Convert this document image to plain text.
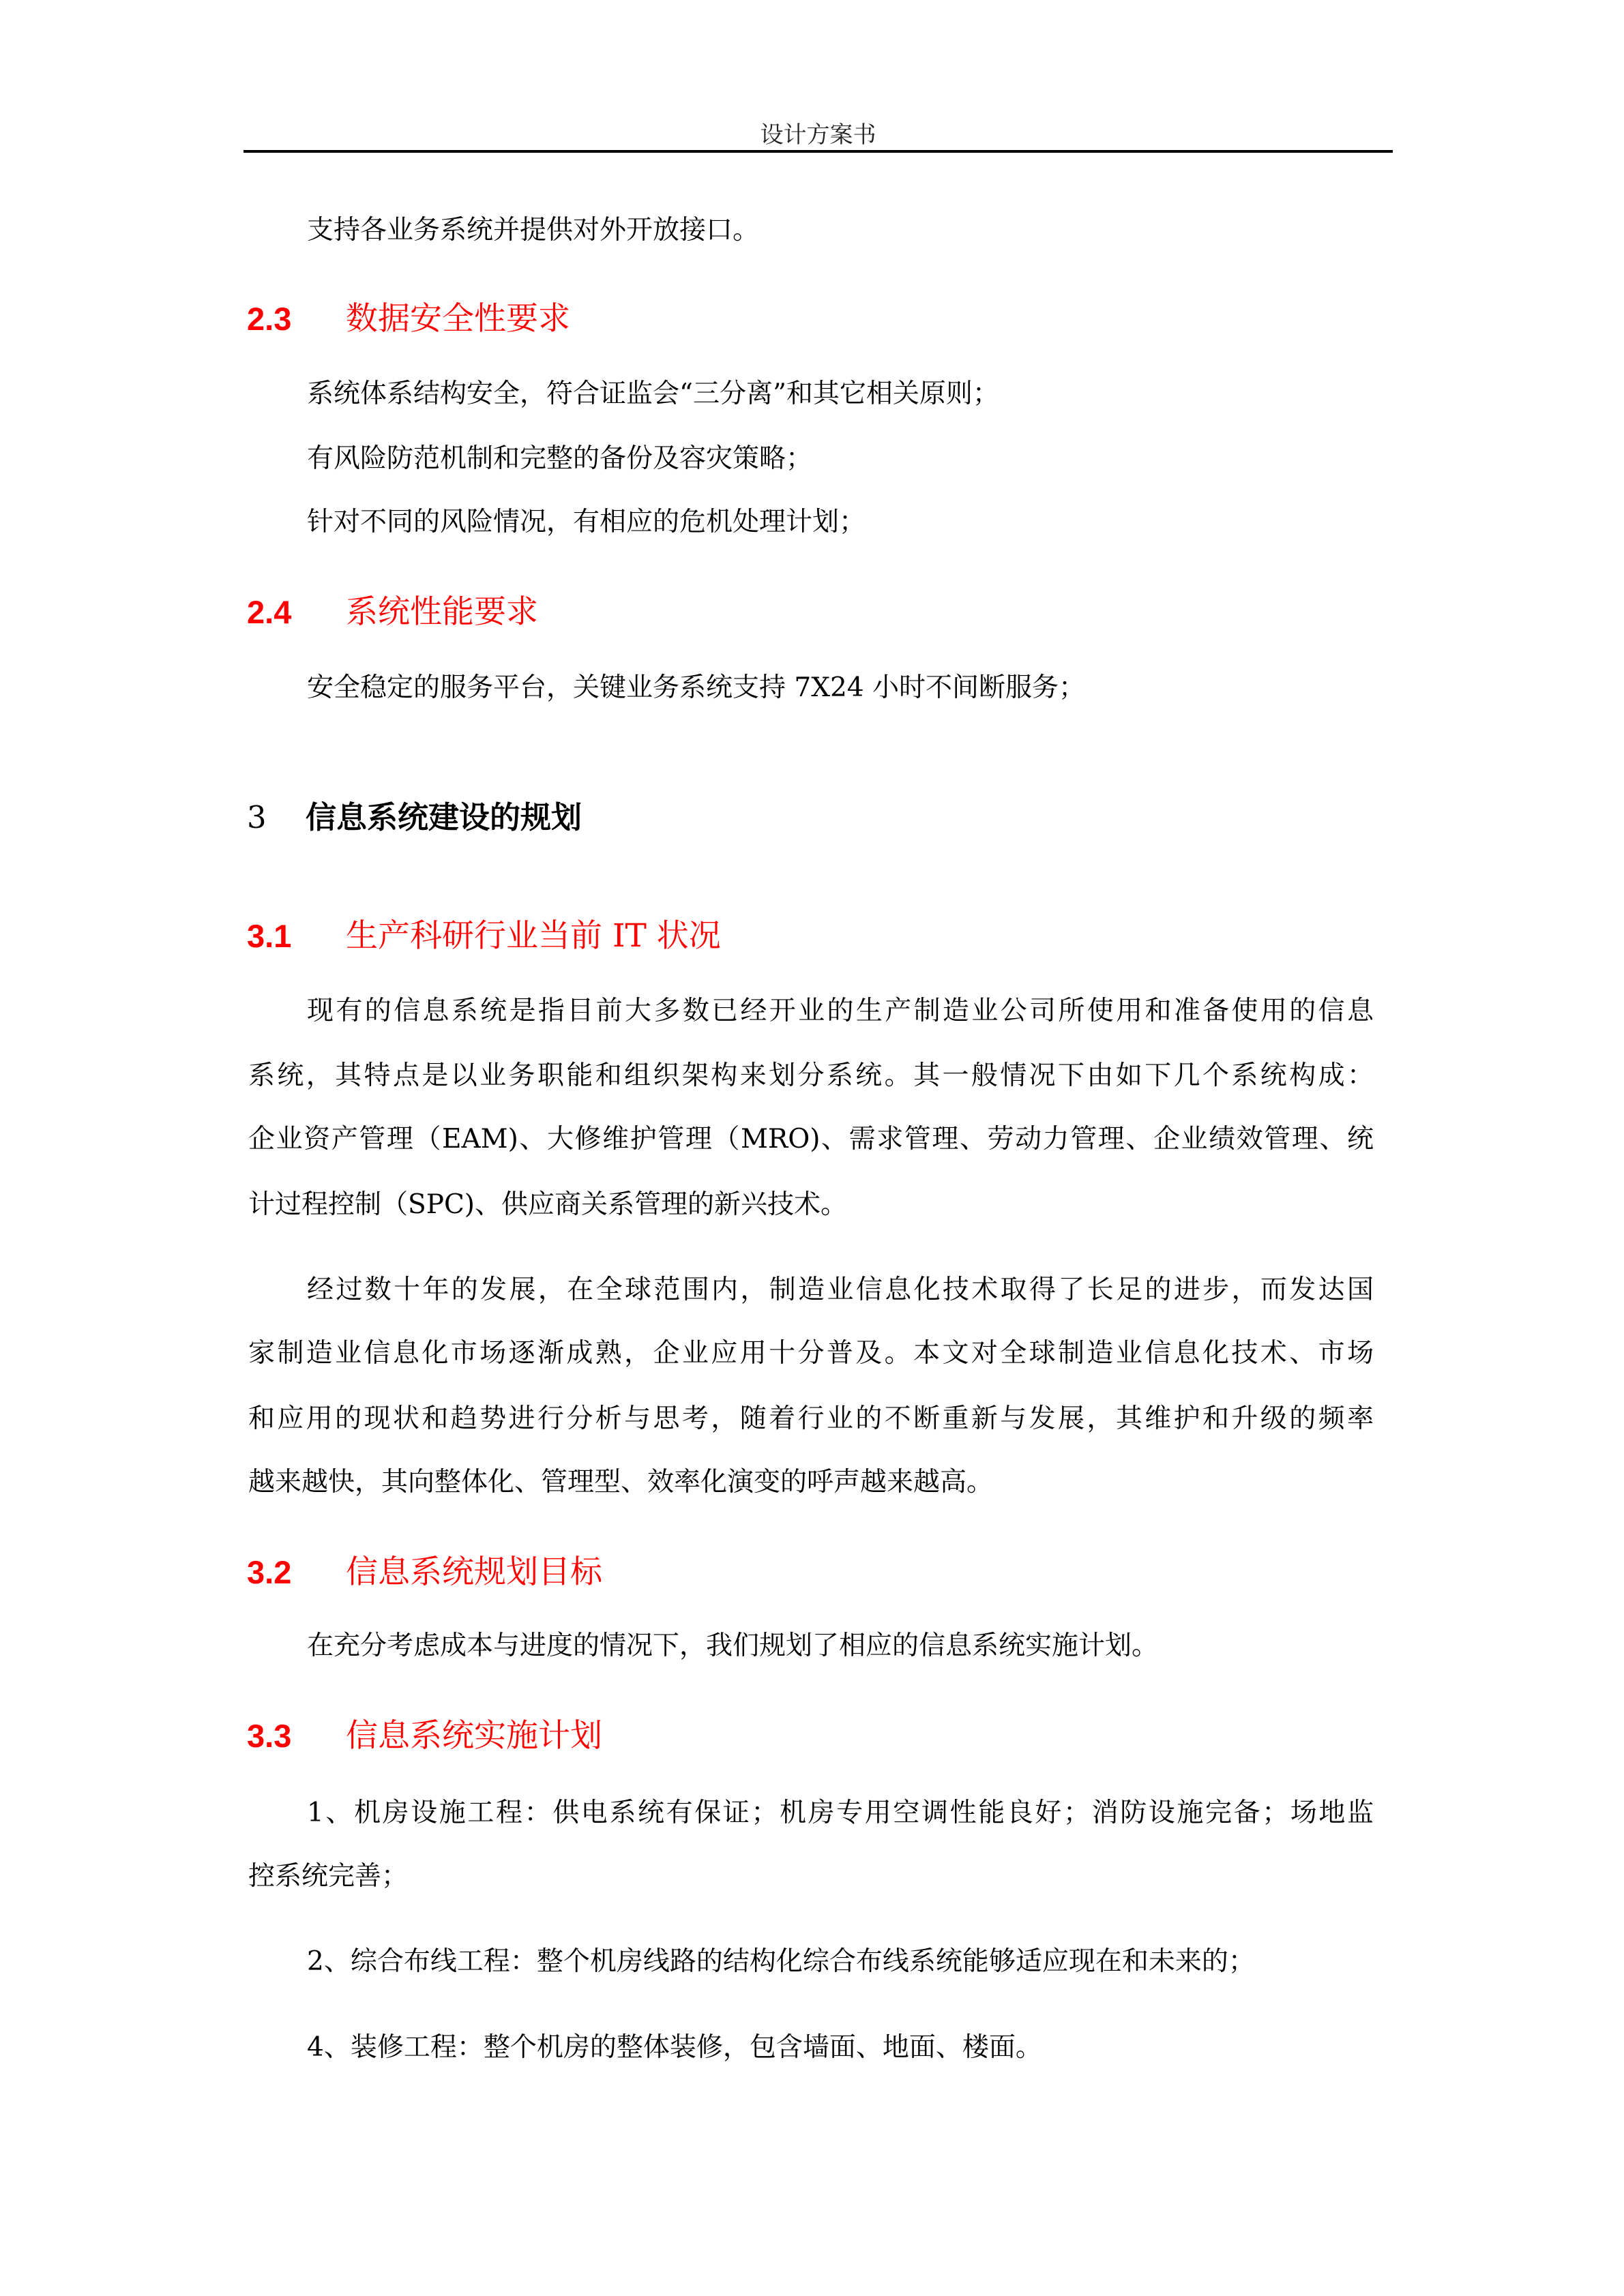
设计方案书
支持各业务系统并提供对外开放接口。
2.3 数据安全性要求
系统体系结构安全，符合证监会“三分离”和其它相关原则；
有风险防范机制和完整的备份及容灾策略；
针对不同的风险情况，有相应的危机处理计划；
2.4 系统性能要求
安全稳定的服务平台，关键业务系统支持 7X24 小时不间断服务；
3 信息系统建设的规划
3.1 生产科研行业当前 IT 状况
现有的信息系统是指目前大多数已经开业的生产制造业公司所使用和准备使用的信息
系统，其特点是以业务职能和组织架构来划分系统。其一般情况下由如下几个系统构成：
企业资产管理（EAM)、大修维护管理（MRO)、需求管理、劳动力管理、企业绩效管理、统
计过程控制（SPC)、供应商关系管理的新兴技术。
经过数十年的发展，在全球范围内，制造业信息化技术取得了长足的进步，而发达国
家制造业信息化市场逐渐成熟，企业应用十分普及。本文对全球制造业信息化技术、市场
和应用的现状和趋势进行分析与思考，随着行业的不断重新与发展，其维护和升级的频率
越来越快，其向整体化、管理型、效率化演变的呼声越来越高。
3.2 信息系统规划目标
在充分考虑成本与进度的情况下，我们规划了相应的信息系统实施计划。
3.3 信息系统实施计划
1、机房设施工程：供电系统有保证；机房专用空调性能良好；消防设施完备；场地监
控系统完善；
2、综合布线工程：整个机房线路的结构化综合布线系统能够适应现在和未来的；
4、装修工程：整个机房的整体装修，包含墙面、地面、楼面。
